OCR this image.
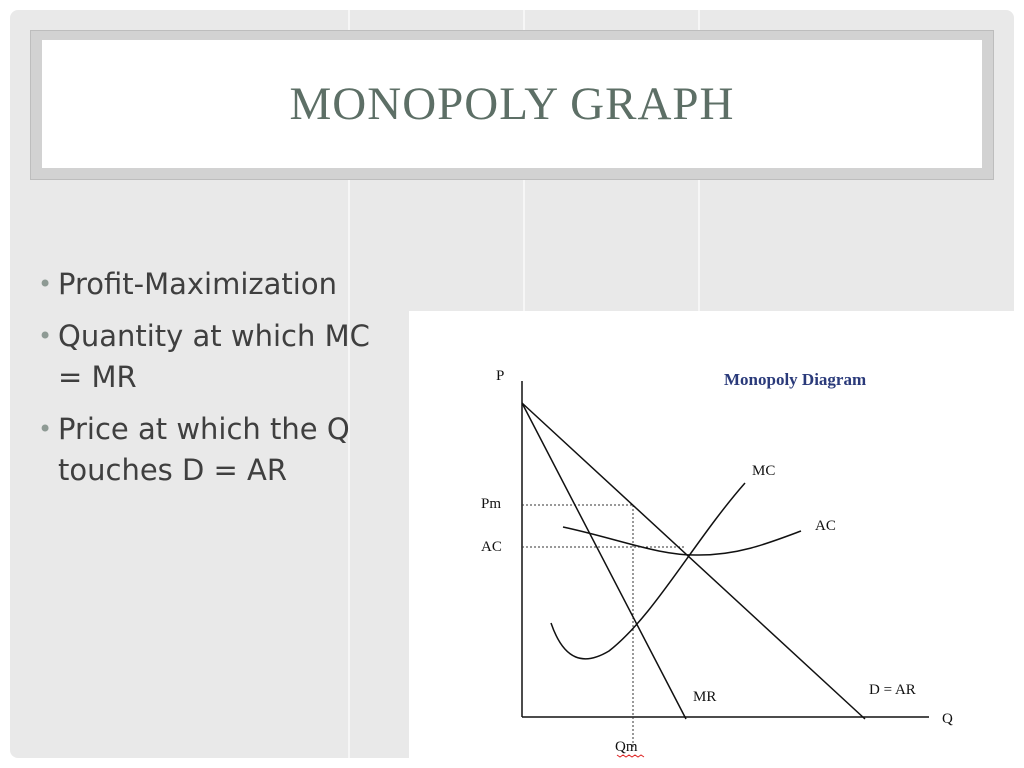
MONOPOLY GRAPH
• Profit-Maximization
• Quantity at which MC = MR
• Price at which the Q touches D = AR
Monopoly Diagram
P
Q
Pm
AC
Qm
MC
AC
MR	D = AR
